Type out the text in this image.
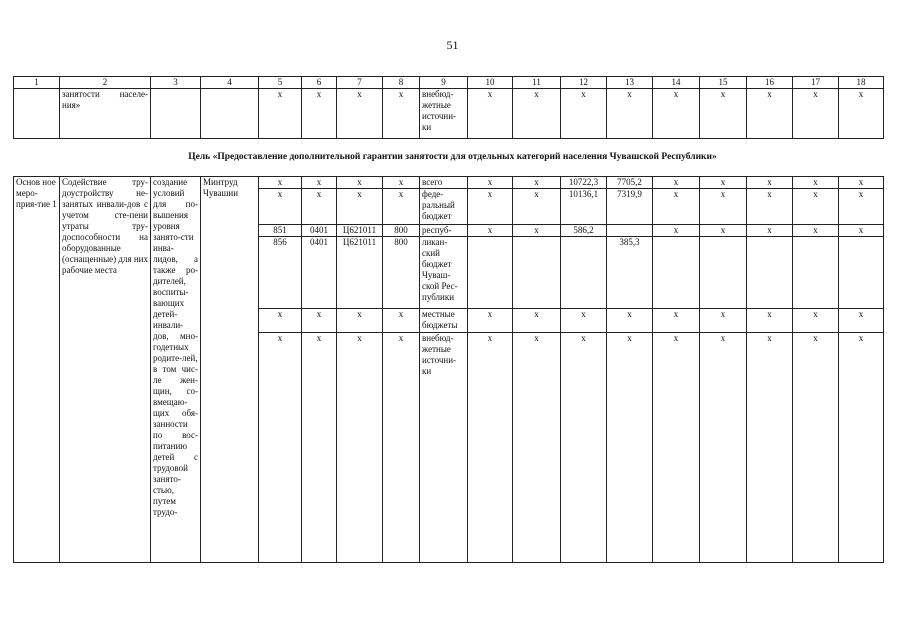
51
1	2	3	4	5	6	7	8	9	10	11	12	13	14	15	16	17	18
	занятости населе-ния»			х	х	х	х	внебюд-жетные источни-ки	х	х	х	х	х	х	х	х	х
Цель «Предоставление дополнительной гарантии занятости для отдельных категорий населения Чувашской Республики»
Основ ное меро-прия-тие 1	Содействие тру-доустройству не-занятых инвали-дов с учетом сте-пени утраты тру-доспособности на оборудованные (оснащенные) для них рабочие места	создание условий для по-вышения уровня занято-сти инва-лидов, а также ро-дителей, воспиты-вающих детей-инвали-дов, мно-годетных родите-лей, в том чис-ле жен-щин, со-вмещаю-щих обя-занности по вос-питанию детей с трудовой занято-стью, путем трудо-	Минтруд Чувашии	х	х	х	х	всего	х	х	10722,3	7705,2	х	х	х	х	х
				х	х	х	х	феде-ральный бюджет	х	х	10136,1	7319,9	х	х	х	х	х
				851	0401	Ц621011	800	респуб-	х	х	586,2		х	х	х	х	х
				856	0401	Ц621011	800	ликан-ский бюджет Чуваш-ской Рес-публики				385,3					
				х	х	х	х	местные бюджеты	х	х	х	х	х	х	х	х	х
				х	х	х	х	внебюд-жетные источни-ки	х	х	х	х	х	х	х	х	х
